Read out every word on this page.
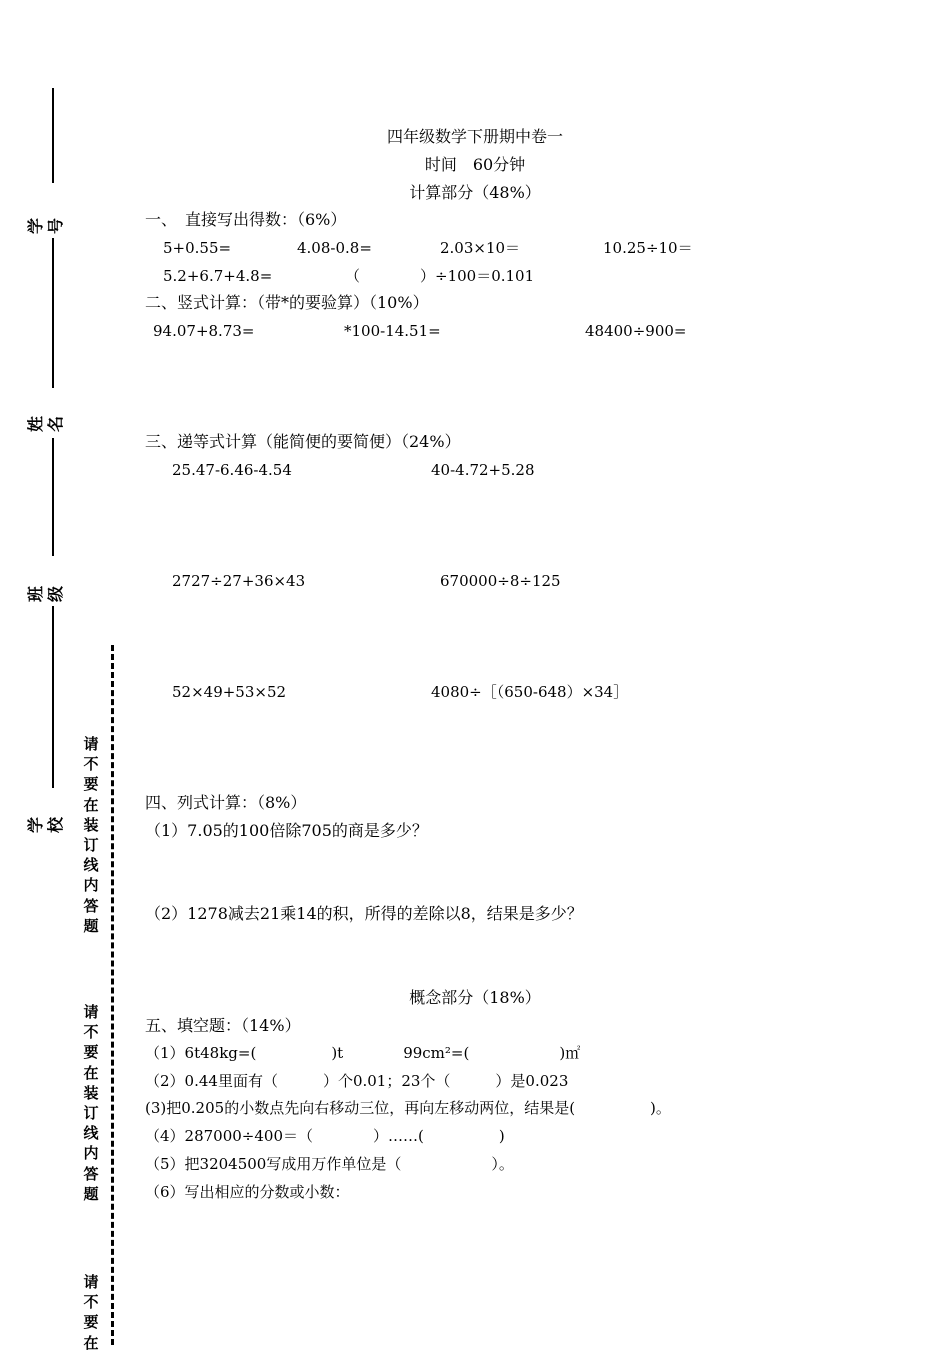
学号
姓名
班级
学校
请不要在装订线内答题
请不要在装订线内答题
请不要在
四年级数学下册期中卷一
时间　60分钟
计算部分（48%）
一、　直接写出得数：（6%）
5+0.55=	4.08-0.8=	2.03×10＝	10.25÷10＝
5.2+6.7+4.8=	（　　　　）÷100＝0.101
二、竖式计算：（带*的要验算）（10%）
94.07+8.73=	*100-14.51=	48400÷900=
三、递等式计算（能简便的要简便）（24%）
25.47-6.46-4.54	40-4.72+5.28
2727÷27+36×43	670000÷8÷125
52×49+53×52	4080÷［（650-648）×34］
四、列式计算：（8%）
（1）7.05的100倍除705的商是多少？
（2）1278减去21乘14的积，所得的差除以8，结果是多少？
概念部分（18%）
五、填空题：（14%）
（1）6t48kg=(　　　　　)t　　　　99cm²=(　　　　　　)㎡
（2）0.44里面有（　　　）个0.01；23个（　　　）是0.023
(3)把0.205的小数点先向右移动三位，再向左移动两位，结果是(　　　　　)。
（4）287000÷400＝（　　　　）……(　　　　　)
（5）把3204500写成用万作单位是（　　　　　　）。
（6）写出相应的分数或小数：
